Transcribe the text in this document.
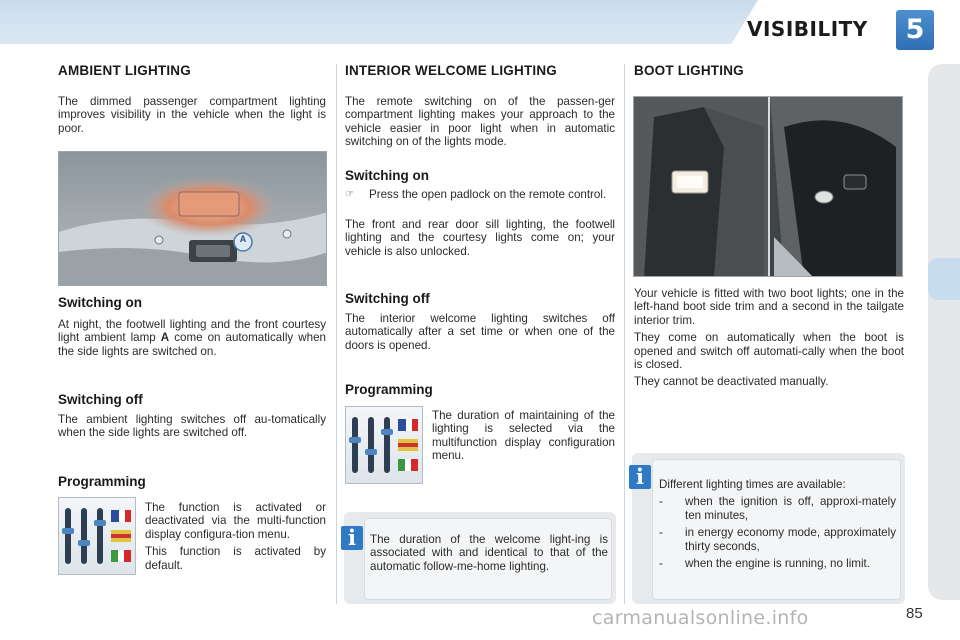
VISIBILITY	5
AMBIENT LIGHTING
The dimmed passenger compartment lighting improves visibility in the vehicle when the light is poor.
A
Switching on
At night, the footwell lighting and the front courtesy light ambient lamp A come on automatically when the side lights are switched on.
Switching off
The ambient lighting switches off au-tomatically when the side lights are switched off.
Programming

The function is activated or deactivated via the multi-function display configura-tion menu.

This function is activated by default.

INTERIOR WELCOME LIGHTING
The remote switching on of the passen-ger compartment lighting makes your approach to the vehicle easier in poor light when in automatic switching on of the lights mode.
Switching on
☞ Press the open padlock on the remote control.
The front and rear door sill lighting, the footwell lighting and the courtesy lights come on; your vehicle is also unlocked.
Switching off
The interior welcome lighting switches off automatically after a set time or when one of the doors is opened.
Programming
The duration of maintaining of the lighting is selected via the multifunction display configuration menu.
i	The duration of the welcome light-ing is associated with and identical to that of the automatic follow-me-home lighting.
BOOT LIGHTING

Your vehicle is fitted with two boot lights; one in the left-hand boot side trim and a second in the tailgate interior trim.

They come on automatically when the boot is opened and switch off automati-cally when the boot is closed.

They cannot be deactivated manually.

i	Different lighting times are available:
- when the ignition is off, approxi-mately ten minutes,
- in energy economy mode, approximately thirty seconds,
- when the engine is running, no limit.
carmanualsonline.info	85
